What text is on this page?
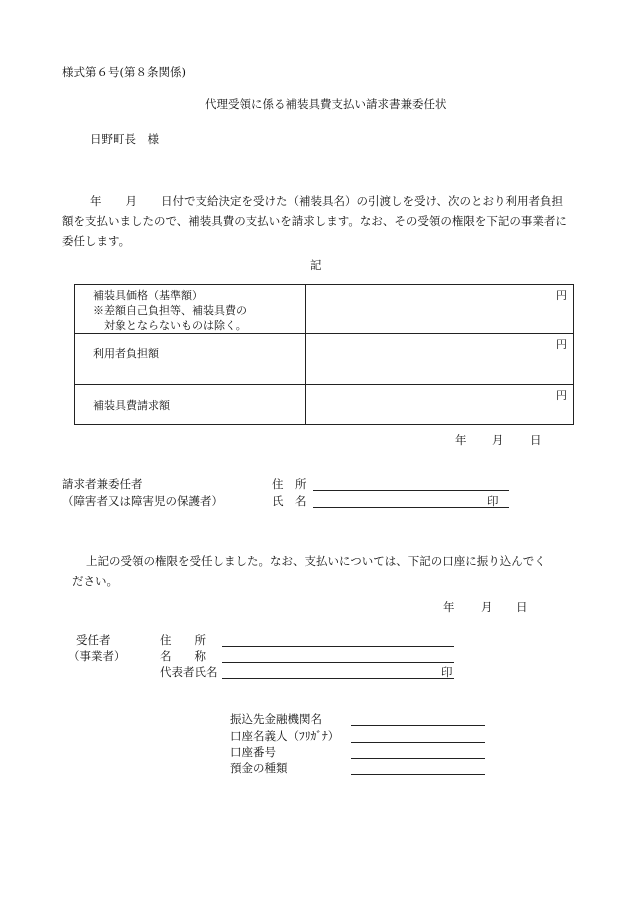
様式第６号(第８条関係)
代理受領に係る補装具費支払い請求書兼委任状
日野町長　様
年 月 日付で支給決定を受けた（補装具名）の引渡しを受け、次のとおり利用者負担額を支払いましたので、補装具費の支払いを請求します。なお、その受領の権限を下記の事業者に委任します。
記
補装具価格（基準額）
※差額自己負担等、補装具費の
　対象とならないものは除く。	円

利用者負担額	円

補装具費請求額	円
年 月 日
請求者兼委任者
（障害者又は障害児の保護者）
住　所
氏　名	印
上記の受領の権限を受任しました。なお、支払いについては、下記の口座に振り込んでください。
年 月 日
受任者
（事業者）
住　　所
名　　称
代表者氏名	印
振込先金融機関名
口座名義人（ﾌﾘｶﾞﾅ）
口座番号
預金の種類
